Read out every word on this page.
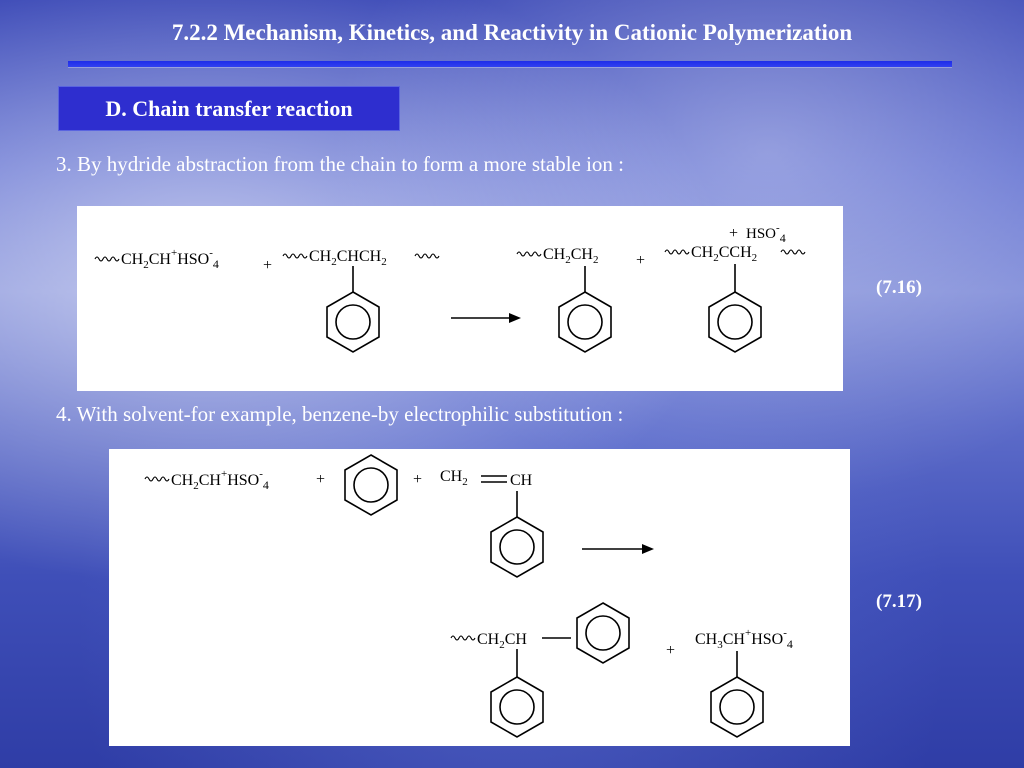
7.2.2 Mechanism, Kinetics, and Reactivity in Cationic Polymerization
D. Chain transfer reaction
3. By hydride abstraction from the chain to form a more stable ion :
$CH_2CH^+HSO^-_4$	+
$CH_2CHCH_2$	$CH_2CH_2$ +
+ $HSO^-_4$
$CH_2CCH_2$
(7.16)
4. With solvent-for example, benzene-by electrophilic substitution :
$CH_2CH^+HSO^-_4$	+	+ $CH_2$	CH
$CH_2CH$
+
$CH_3CH^+HSO^-_4$
(7.17)
